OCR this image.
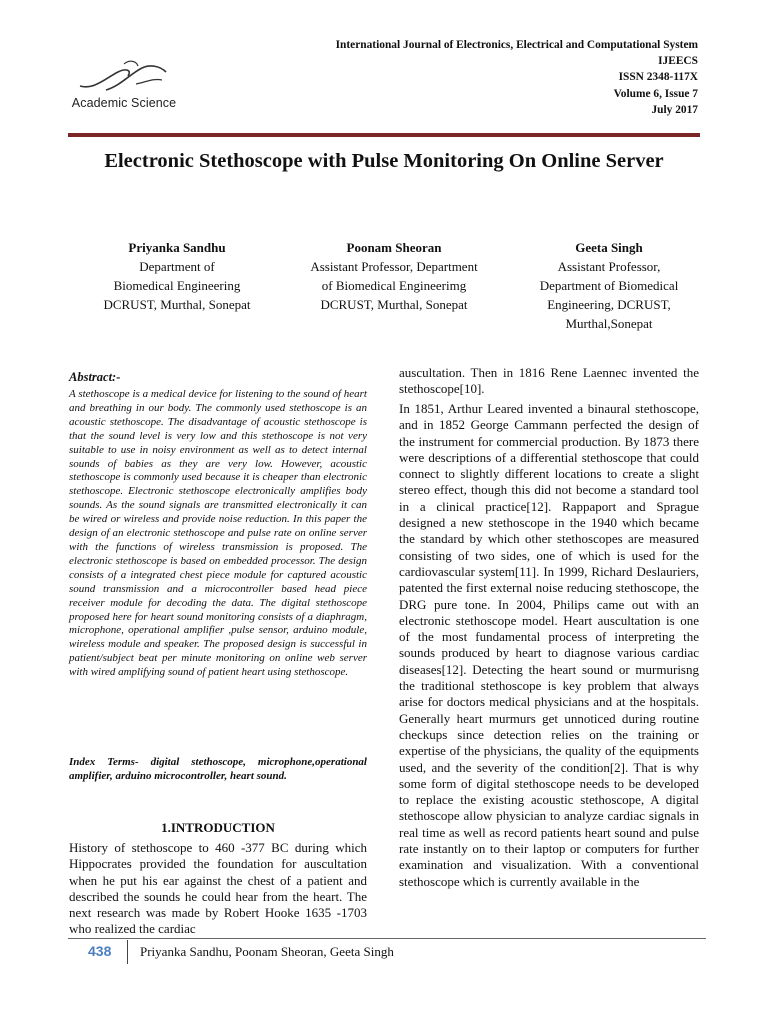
Academic Science
International Journal of Electronics, Electrical and Computational System
IJEECS
ISSN 2348-117X
Volume 6, Issue 7
July 2017
Electronic Stethoscope with Pulse Monitoring On Online Server
Priyanka Sandhu
Department of
Biomedical Engineering
DCRUST, Murthal, Sonepat
Poonam Sheoran
Assistant Professor, Department
of Biomedical Engineerimg
DCRUST, Murthal, Sonepat
Geeta Singh
Assistant Professor,
Department of Biomedical
Engineering, DCRUST,
Murthal,Sonepat
Abstract:-
A stethoscope is a medical device for listening to the sound of heart and breathing in our body. The commonly used stethoscope is an acoustic stethoscope. The disadvantage of acoustic stethoscope is that the sound level is very low and this stethoscope is not very suitable to use in noisy environment as well as to detect internal sounds of babies as they are very low. However, acoustic stethoscope is commonly used because it is cheaper than electronic stethoscope. Electronic stethoscope electronically amplifies body sounds. As the sound signals are transmitted electronically it can be wired or wireless and provide noise reduction. In this paper the design of an electronic stethoscope and pulse rate on online server with the functions of wireless transmission is proposed. The electronic stethoscope is based on embedded processor. The design consists of a integrated chest piece module for captured acoustic sound transmission and a microcontroller based head piece receiver module for decoding the data. The digital stethoscope proposed here for heart sound monitoring consists of a diaphragm, microphone, operational amplifier ,pulse sensor, arduino module, wireless module and speaker. The proposed design is successful in patient/subject beat per minute monitoring on online web server with wired amplifying sound of patient heart using stethoscope.
Index Terms- digital stethoscope, microphone,operational amplifier, arduino microcontroller, heart sound.
1.INTRODUCTION
History of stethoscope to 460 -377 BC during which Hippocrates provided the foundation for auscultation when he put his ear against the chest of a patient and described the sounds he could hear from the heart. The next research was made by Robert Hooke 1635 -1703 who realized the cardiac
auscultation. Then in 1816 Rene Laennec invented the stethoscope[10].
In 1851, Arthur Leared invented a binaural stethoscope, and in 1852 George Cammann perfected the design of the instrument for commercial production. By 1873 there were descriptions of a differential stethoscope that could connect to slightly different locations to create a slight stereo effect, though this did not become a standard tool in a clinical practice[12]. Rappaport and Sprague designed a new stethoscope in the 1940 which became the standard by which other stethoscopes are measured consisting of two sides, one of which is used for the cardiovascular system[11]. In 1999, Richard Deslauriers, patented the first external noise reducing stethoscope, the DRG pure tone. In 2004, Philips came out with an electronic stethoscope model. Heart auscultation is one of the most fundamental process of interpreting the sounds produced by heart to diagnose various cardiac diseases[12]. Detecting the heart sound or murmurisng the traditional stethoscope is key problem that always arise for doctors medical physicians and at the hospitals. Generally heart murmurs get unnoticed during routine checkups since detection relies on the training or expertise of the physicians, the quality of the equipments used, and the severity of the condition[2]. That is why some form of digital stethoscope needs to be developed to replace the existing acoustic stethoscope, A digital stethoscope allow physician to analyze cardiac signals in real time as well as record patients heart sound and pulse rate instantly on to their laptop or computers for further examination and visualization. With a conventional stethoscope which is currently available in the
438 Priyanka Sandhu, Poonam Sheoran, Geeta Singh
